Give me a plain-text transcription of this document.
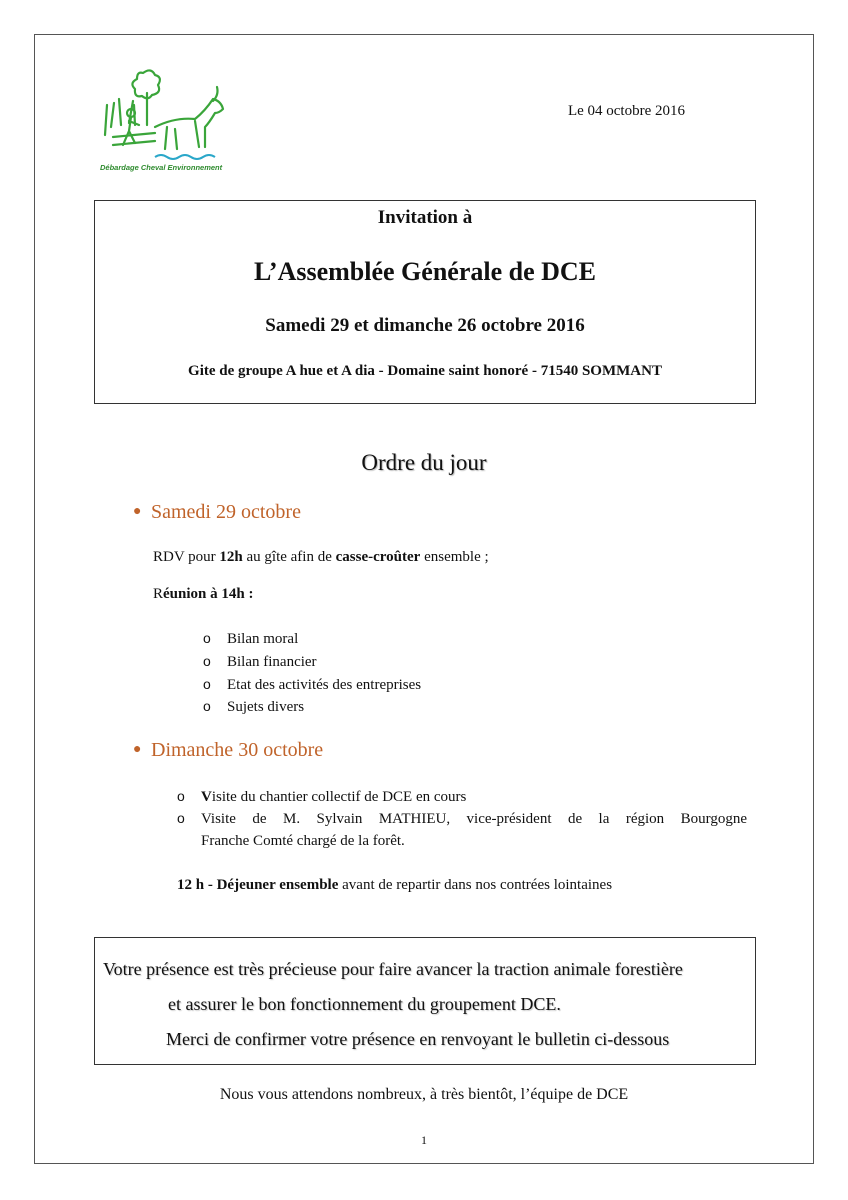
Débardage Cheval Environnement
Le 04 octobre 2016
Invitation à
L’Assemblée Générale de DCE
Samedi 29 et dimanche 26 octobre 2016
Gite de groupe A hue et A dia - Domaine saint honoré - 71540 SOMMANT
Ordre du jour
● Samedi 29 octobre
RDV pour 12h au gîte afin de casse-croûter ensemble ;
Réunion à 14h :
o Bilan moral
o Bilan financier
o Etat des activités des entreprises
o Sujets divers
● Dimanche 30 octobre
o Visite du chantier collectif de DCE en cours
o Visite de M. Sylvain MATHIEU, vice-président de la région Bourgogne
Franche Comté chargé de la forêt.
12 h - Déjeuner ensemble avant de repartir dans nos contrées lointaines
Votre présence est très précieuse pour faire avancer la traction animale forestière
et assurer le bon fonctionnement du groupement DCE.
Merci de confirmer votre présence en renvoyant le bulletin ci-dessous
Nous vous attendons nombreux, à très bientôt, l’équipe de DCE
1
